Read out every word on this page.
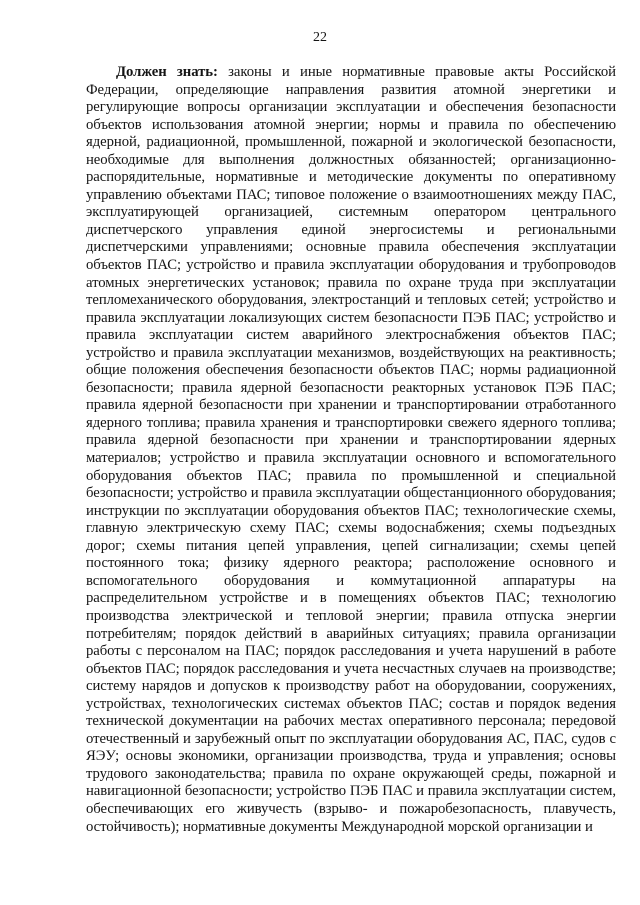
22

Должен знать: законы и иные нормативные правовые акты Российской Федерации, определяющие направления развития атомной энергетики и регулирующие вопросы организации эксплуатации и обеспечения безопасности объектов использования атомной энергии; нормы и правила по обеспечению ядерной, радиационной, промышленной, пожарной и экологической безопасности, необходимые для выполнения должностных обязанностей; организационно-распорядительные, нормативные и методические документы по оперативному управлению объектами ПАС; типовое положение о взаимоотношениях между ПАС, эксплуатирующей организацией, системным оператором центрального диспетчерского управления единой энергосистемы и региональными диспетчерскими управлениями; основные правила обеспечения эксплуатации объектов ПАС; устройство и правила эксплуатации оборудования и трубопроводов атомных энергетических установок; правила по охране труда при эксплуатации тепломеханического оборудования, электростанций и тепловых сетей; устройство и правила эксплуатации локализующих систем безопасности ПЭБ ПАС; устройство и правила эксплуатации систем аварийного электроснабжения объектов ПАС; устройство и правила эксплуатации механизмов, воздействующих на реактивность; общие положения обеспечения безопасности объектов ПАС; нормы радиационной безопасности; правила ядерной безопасности реакторных установок ПЭБ ПАС; правила ядерной безопасности при хранении и транспортировании отработанного ядерного топлива; правила хранения и транспортировки свежего ядерного топлива; правила ядерной безопасности при хранении и транспортировании ядерных материалов; устройство и правила эксплуатации основного и вспомогательного оборудования объектов ПАС; правила по промышленной и специальной безопасности; устройство и правила эксплуатации общестанционного оборудования; инструкции по эксплуатации оборудования объектов ПАС; технологические схемы, главную электрическую схему ПАС; схемы водоснабжения; схемы подъездных дорог; схемы питания цепей управления, цепей сигнализации; схемы цепей постоянного тока; физику ядерного реактора; расположение основного и вспомогательного оборудования и коммутационной аппаратуры на распределительном устройстве и в помещениях объектов ПАС; технологию производства электрической и тепловой энергии; правила отпуска энергии потребителям; порядок действий в аварийных ситуациях; правила организации работы с персоналом на ПАС; порядок расследования и учета нарушений в работе объектов ПАС; порядок расследования и учета несчастных случаев на производстве; систему нарядов и допусков к производству работ на оборудовании, сооружениях, устройствах, технологических системах объектов ПАС; состав и порядок ведения технической документации на рабочих местах оперативного персонала; передовой отечественный и зарубежный опыт по эксплуатации оборудования АС, ПАС, судов с ЯЭУ; основы экономики, организации производства, труда и управления; основы трудового законодательства; правила по охране окружающей среды, пожарной и навигационной безопасности; устройство ПЭБ ПАС и правила эксплуатации систем, обеспечивающих его живучесть (взрыво- и пожаробезопасность, плавучесть, остойчивость); нормативные документы Международной морской организации и
